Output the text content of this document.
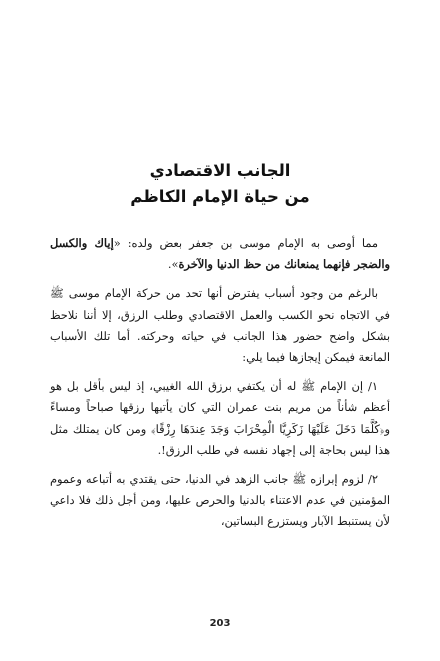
الجانب الاقتصادي
من حياة الإمام الكاظم

مما أوصى به الإمام موسى بن جعفر بعض ولده: «إياك والكسل والضجر فإنهما يمنعانك من حظ الدنيا والآخرة».

بالرغم من وجود أسباب يفترض أنها تحد من حركة الإمام موسى ﷺ في الاتجاه نحو الكسب والعمل الاقتصادي وطلب الرزق، إلا أننا نلاحظ بشكل واضح حضور هذا الجانب في حياته وحركته. أما تلك الأسباب المانعة فيمكن إيجازها فيما يلي:

١/ إن الإمام ﷺ له أن يكتفي برزق الله الغيبي، إذ ليس بأقل بل هو أعظم شأناً من مريم بنت عمران التي كان يأتيها رزقها صباحاً ومساءً و﴿كُلَّمَا دَخَلَ عَلَيْهَا زَكَرِيَّا الْمِحْرَابَ وَجَدَ عِندَهَا رِزْقًا﴾ ومن كان يمتلك مثل هذا ليس بحاجة إلى إجهاد نفسه في طلب الرزق!.

٢/ لزوم إبرازه ﷺ جانب الزهد في الدنيا، حتى يقتدي به أتباعه وعموم المؤمنين في عدم الاعتناء بالدنيا والحرص عليها، ومن أجل ذلك فلا داعي لأن يستنبط الآبار ويستزرع البساتين،

203
